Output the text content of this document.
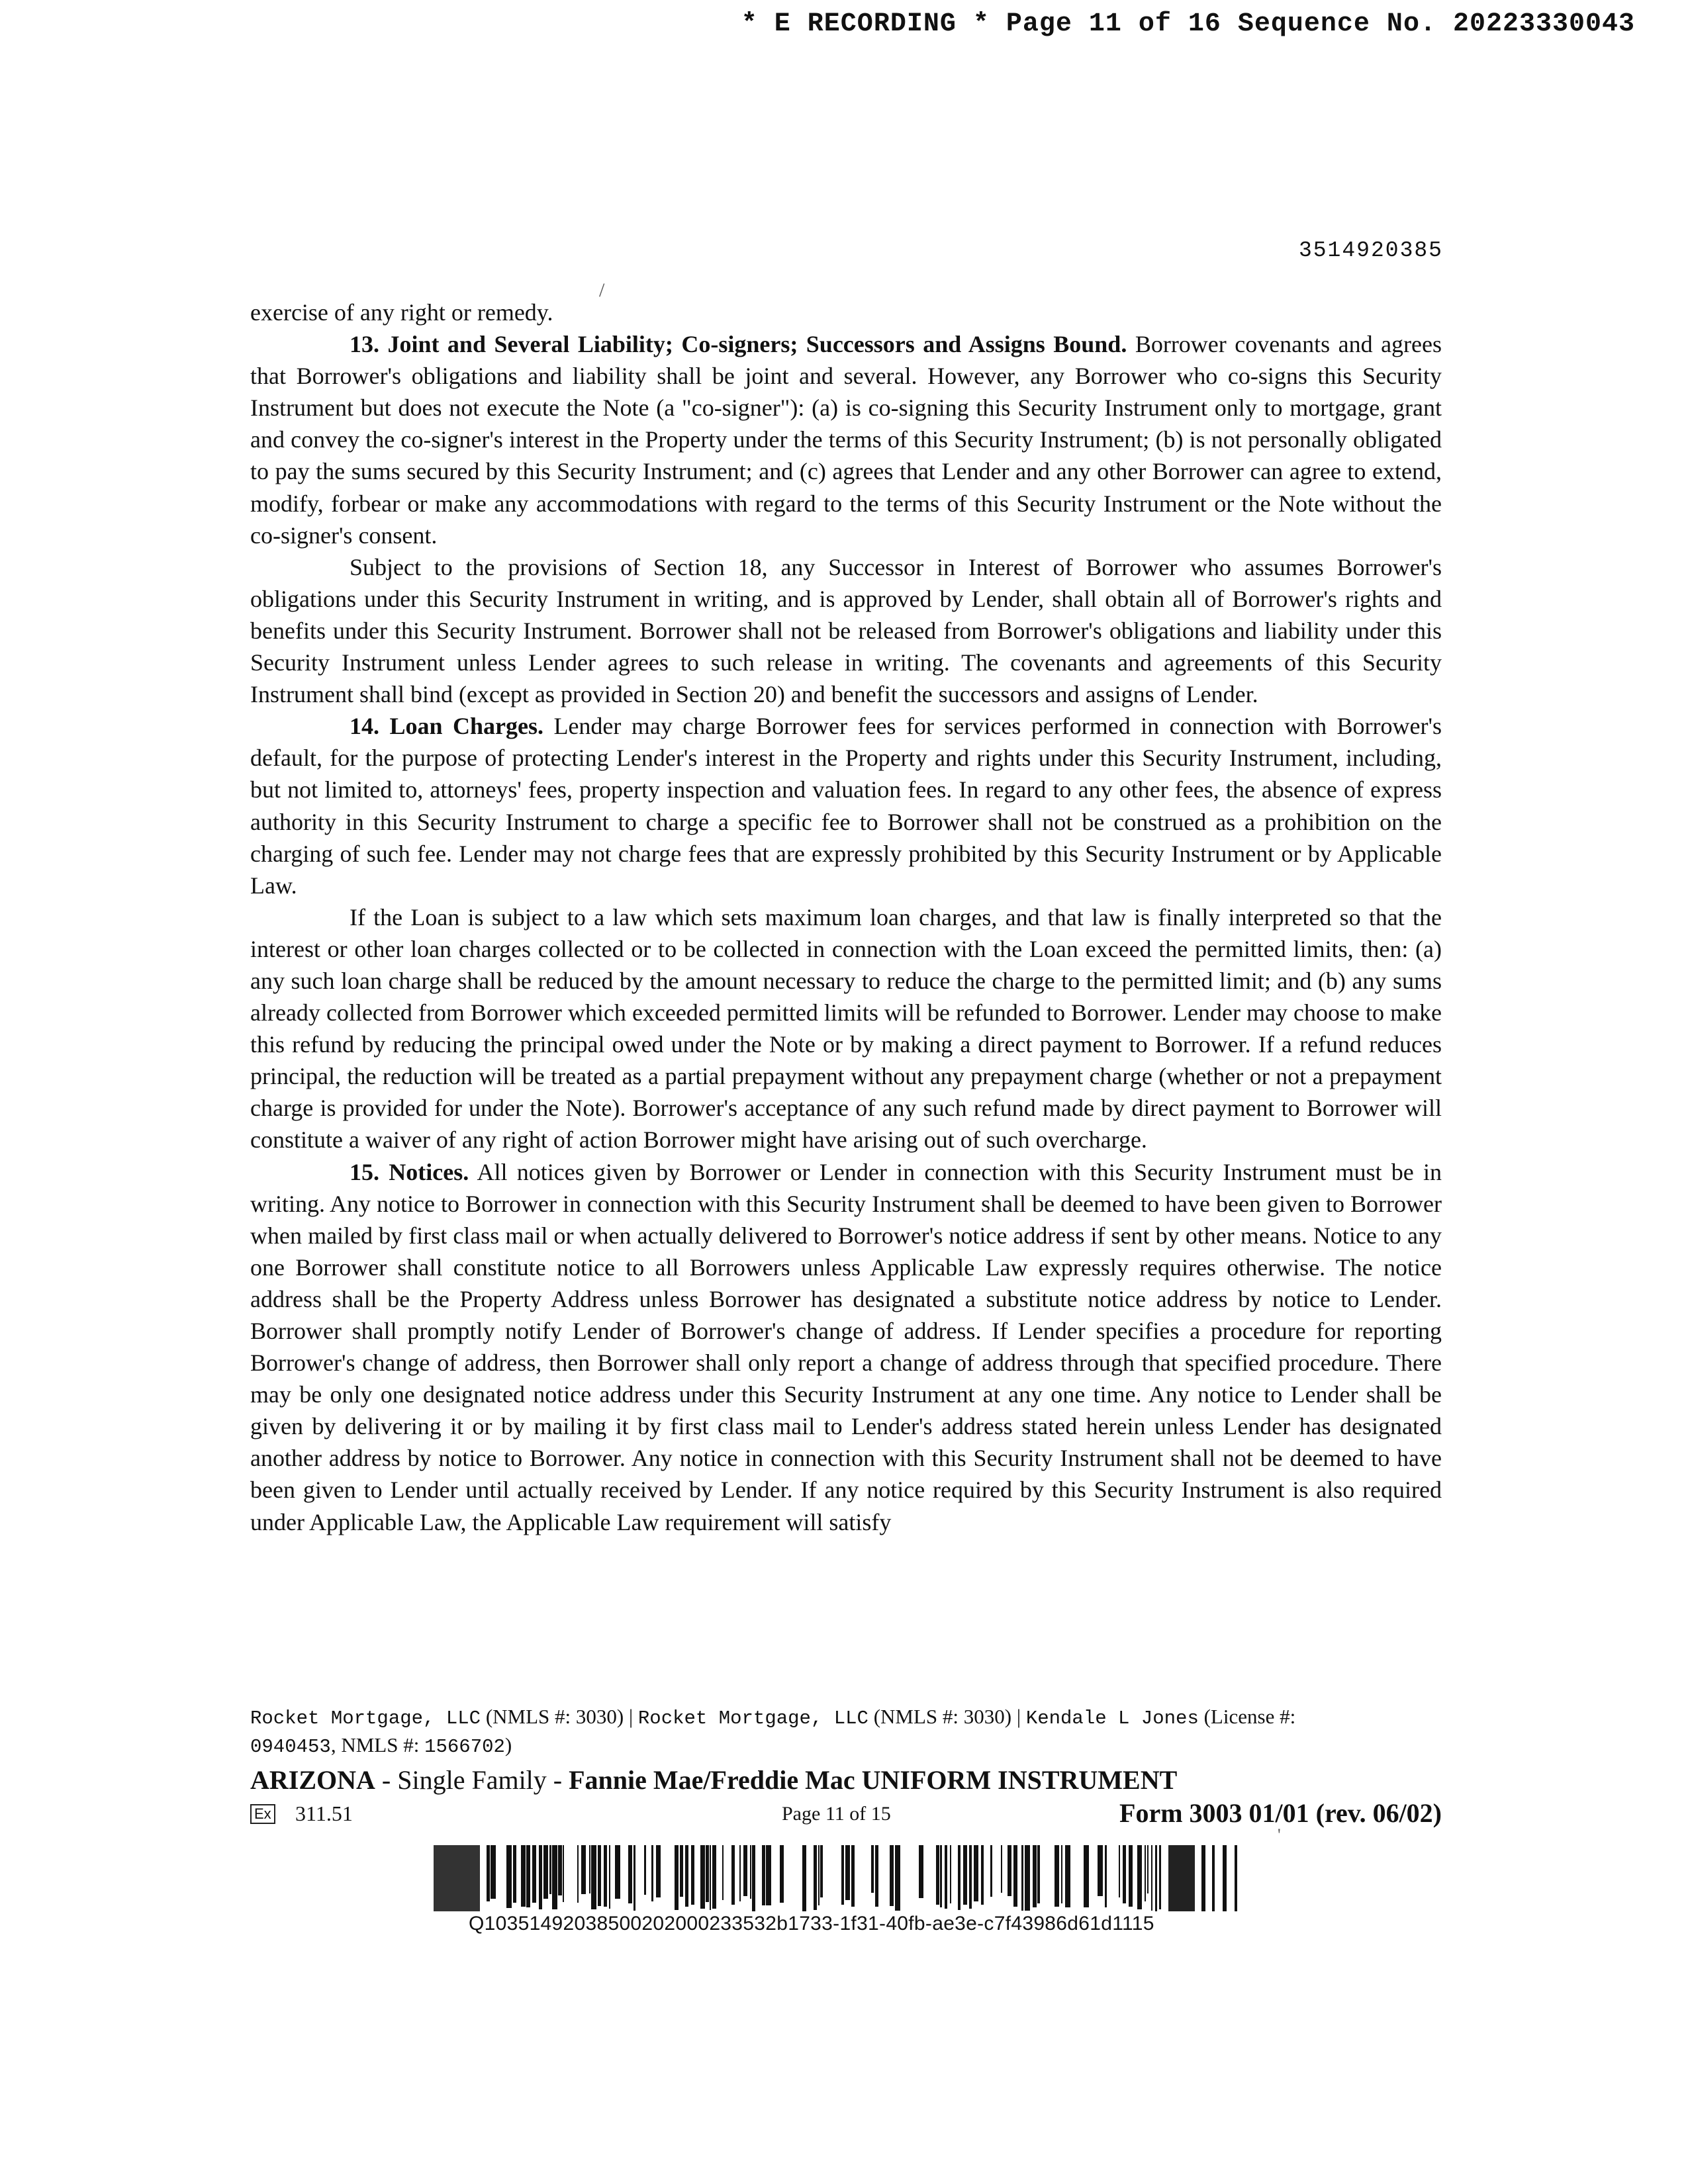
* E RECORDING * Page 11 of 16 Sequence No. 20223330043
3514920385

exercise of any right or remedy.

13. Joint and Several Liability; Co-signers; Successors and Assigns Bound. Borrower covenants and agrees that Borrower's obligations and liability shall be joint and several. However, any Borrower who co-signs this Security Instrument but does not execute the Note (a "co-signer"): (a) is co-signing this Security Instrument only to mortgage, grant and convey the co-signer's interest in the Property under the terms of this Security Instrument; (b) is not personally obligated to pay the sums secured by this Security Instrument; and (c) agrees that Lender and any other Borrower can agree to extend, modify, forbear or make any accommodations with regard to the terms of this Security Instrument or the Note without the co-signer's consent.

Subject to the provisions of Section 18, any Successor in Interest of Borrower who assumes Borrower's obligations under this Security Instrument in writing, and is approved by Lender, shall obtain all of Borrower's rights and benefits under this Security Instrument. Borrower shall not be released from Borrower's obligations and liability under this Security Instrument unless Lender agrees to such release in writing. The covenants and agreements of this Security Instrument shall bind (except as provided in Section 20) and benefit the successors and assigns of Lender.

14. Loan Charges. Lender may charge Borrower fees for services performed in connection with Borrower's default, for the purpose of protecting Lender's interest in the Property and rights under this Security Instrument, including, but not limited to, attorneys' fees, property inspection and valuation fees. In regard to any other fees, the absence of express authority in this Security Instrument to charge a specific fee to Borrower shall not be construed as a prohibition on the charging of such fee. Lender may not charge fees that are expressly prohibited by this Security Instrument or by Applicable Law.

If the Loan is subject to a law which sets maximum loan charges, and that law is finally interpreted so that the interest or other loan charges collected or to be collected in connection with the Loan exceed the permitted limits, then: (a) any such loan charge shall be reduced by the amount necessary to reduce the charge to the permitted limit; and (b) any sums already collected from Borrower which exceeded permitted limits will be refunded to Borrower. Lender may choose to make this refund by reducing the principal owed under the Note or by making a direct payment to Borrower. If a refund reduces principal, the reduction will be treated as a partial prepayment without any prepayment charge (whether or not a prepayment charge is provided for under the Note). Borrower's acceptance of any such refund made by direct payment to Borrower will constitute a waiver of any right of action Borrower might have arising out of such overcharge.

15. Notices. All notices given by Borrower or Lender in connection with this Security Instrument must be in writing. Any notice to Borrower in connection with this Security Instrument shall be deemed to have been given to Borrower when mailed by first class mail or when actually delivered to Borrower's notice address if sent by other means. Notice to any one Borrower shall constitute notice to all Borrowers unless Applicable Law expressly requires otherwise. The notice address shall be the Property Address unless Borrower has designated a substitute notice address by notice to Lender. Borrower shall promptly notify Lender of Borrower's change of address. If Lender specifies a procedure for reporting Borrower's change of address, then Borrower shall only report a change of address through that specified procedure. There may be only one designated notice address under this Security Instrument at any one time. Any notice to Lender shall be given by delivering it or by mailing it by first class mail to Lender's address stated herein unless Lender has designated another address by notice to Borrower. Any notice in connection with this Security Instrument shall not be deemed to have been given to Lender until actually received by Lender. If any notice required by this Security Instrument is also required under Applicable Law, the Applicable Law requirement will satisfy

Rocket Mortgage, LLC (NMLS #: 3030) | Rocket Mortgage, LLC (NMLS #: 3030) | Kendale L Jones (License #:
0940453, NMLS #: 1566702)
ARIZONA - Single Family - Fannie Mae/Freddie Mac UNIFORM INSTRUMENT
Ex 311.51	Page 11 of 15	Form 3003 01/01 (rev. 06/02)
Q10351492038500202000233532b1733-1f31-40fb-ae3e-c7f43986d61d1115
/
'
